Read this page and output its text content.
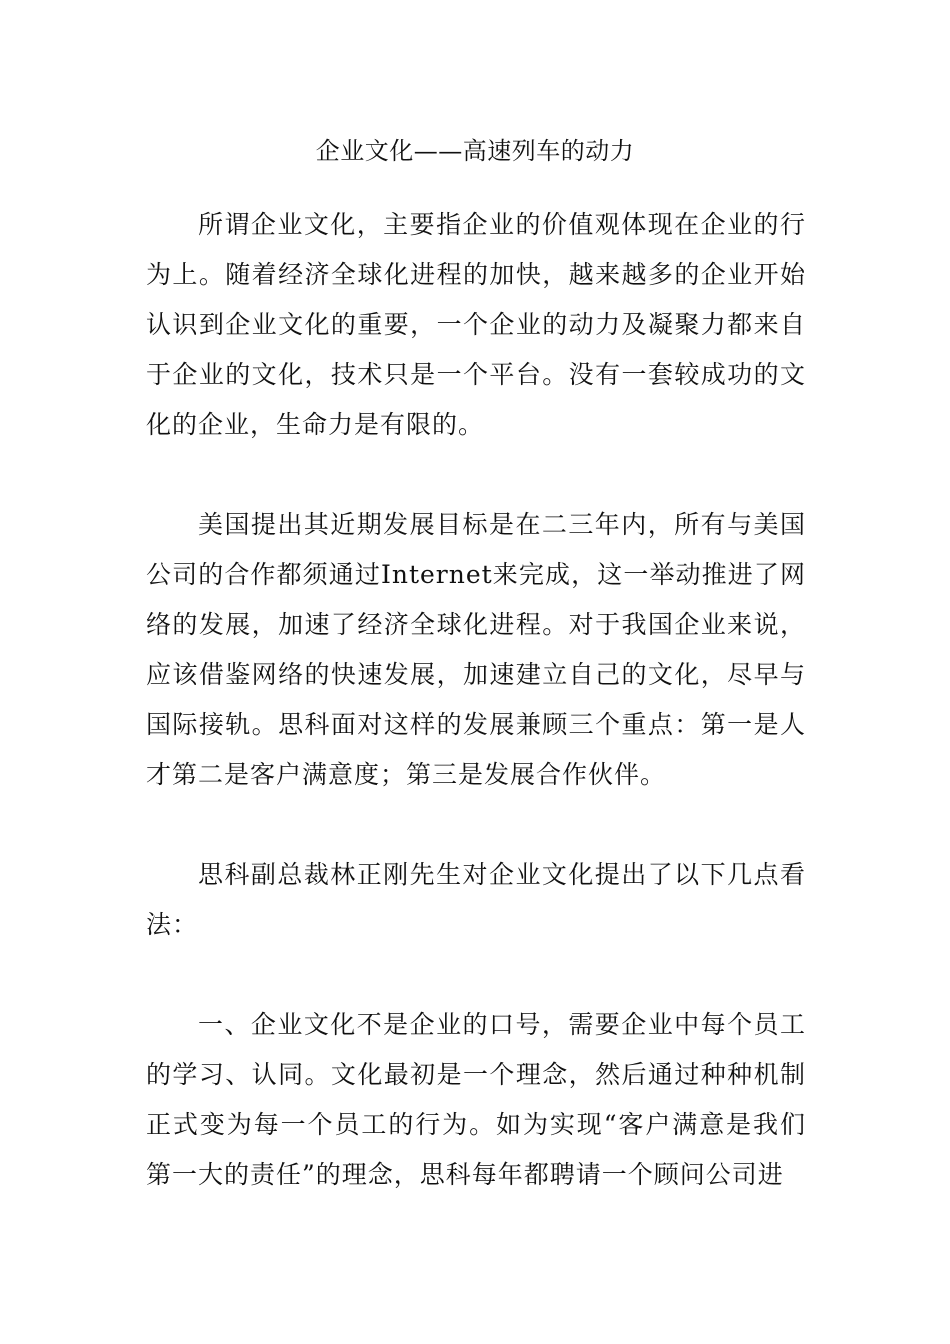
企业文化——高速列车的动力

所谓企业文化，主要指企业的价值观体现在企业的行为上。随着经济全球化进程的加快，越来越多的企业开始认识到企业文化的重要，一个企业的动力及凝聚力都来自于企业的文化，技术只是一个平台。没有一套较成功的文化的企业，生命力是有限的。

美国提出其近期发展目标是在二三年内，所有与美国公司的合作都须通过Internet来完成，这一举动推进了网络的发展，加速了经济全球化进程。对于我国企业来说，应该借鉴网络的快速发展，加速建立自己的文化，尽早与国际接轨。思科面对这样的发展兼顾三个重点：第一是人才第二是客户满意度；第三是发展合作伙伴。

思科副总裁林正刚先生对企业文化提出了以下几点看法：

一、企业文化不是企业的口号，需要企业中每个员工的学习、认同。文化最初是一个理念，然后通过种种机制正式变为每一个员工的行为。如为实现“客户满意是我们第一大的责任”的理念，思科每年都聘请一个顾问公司进
